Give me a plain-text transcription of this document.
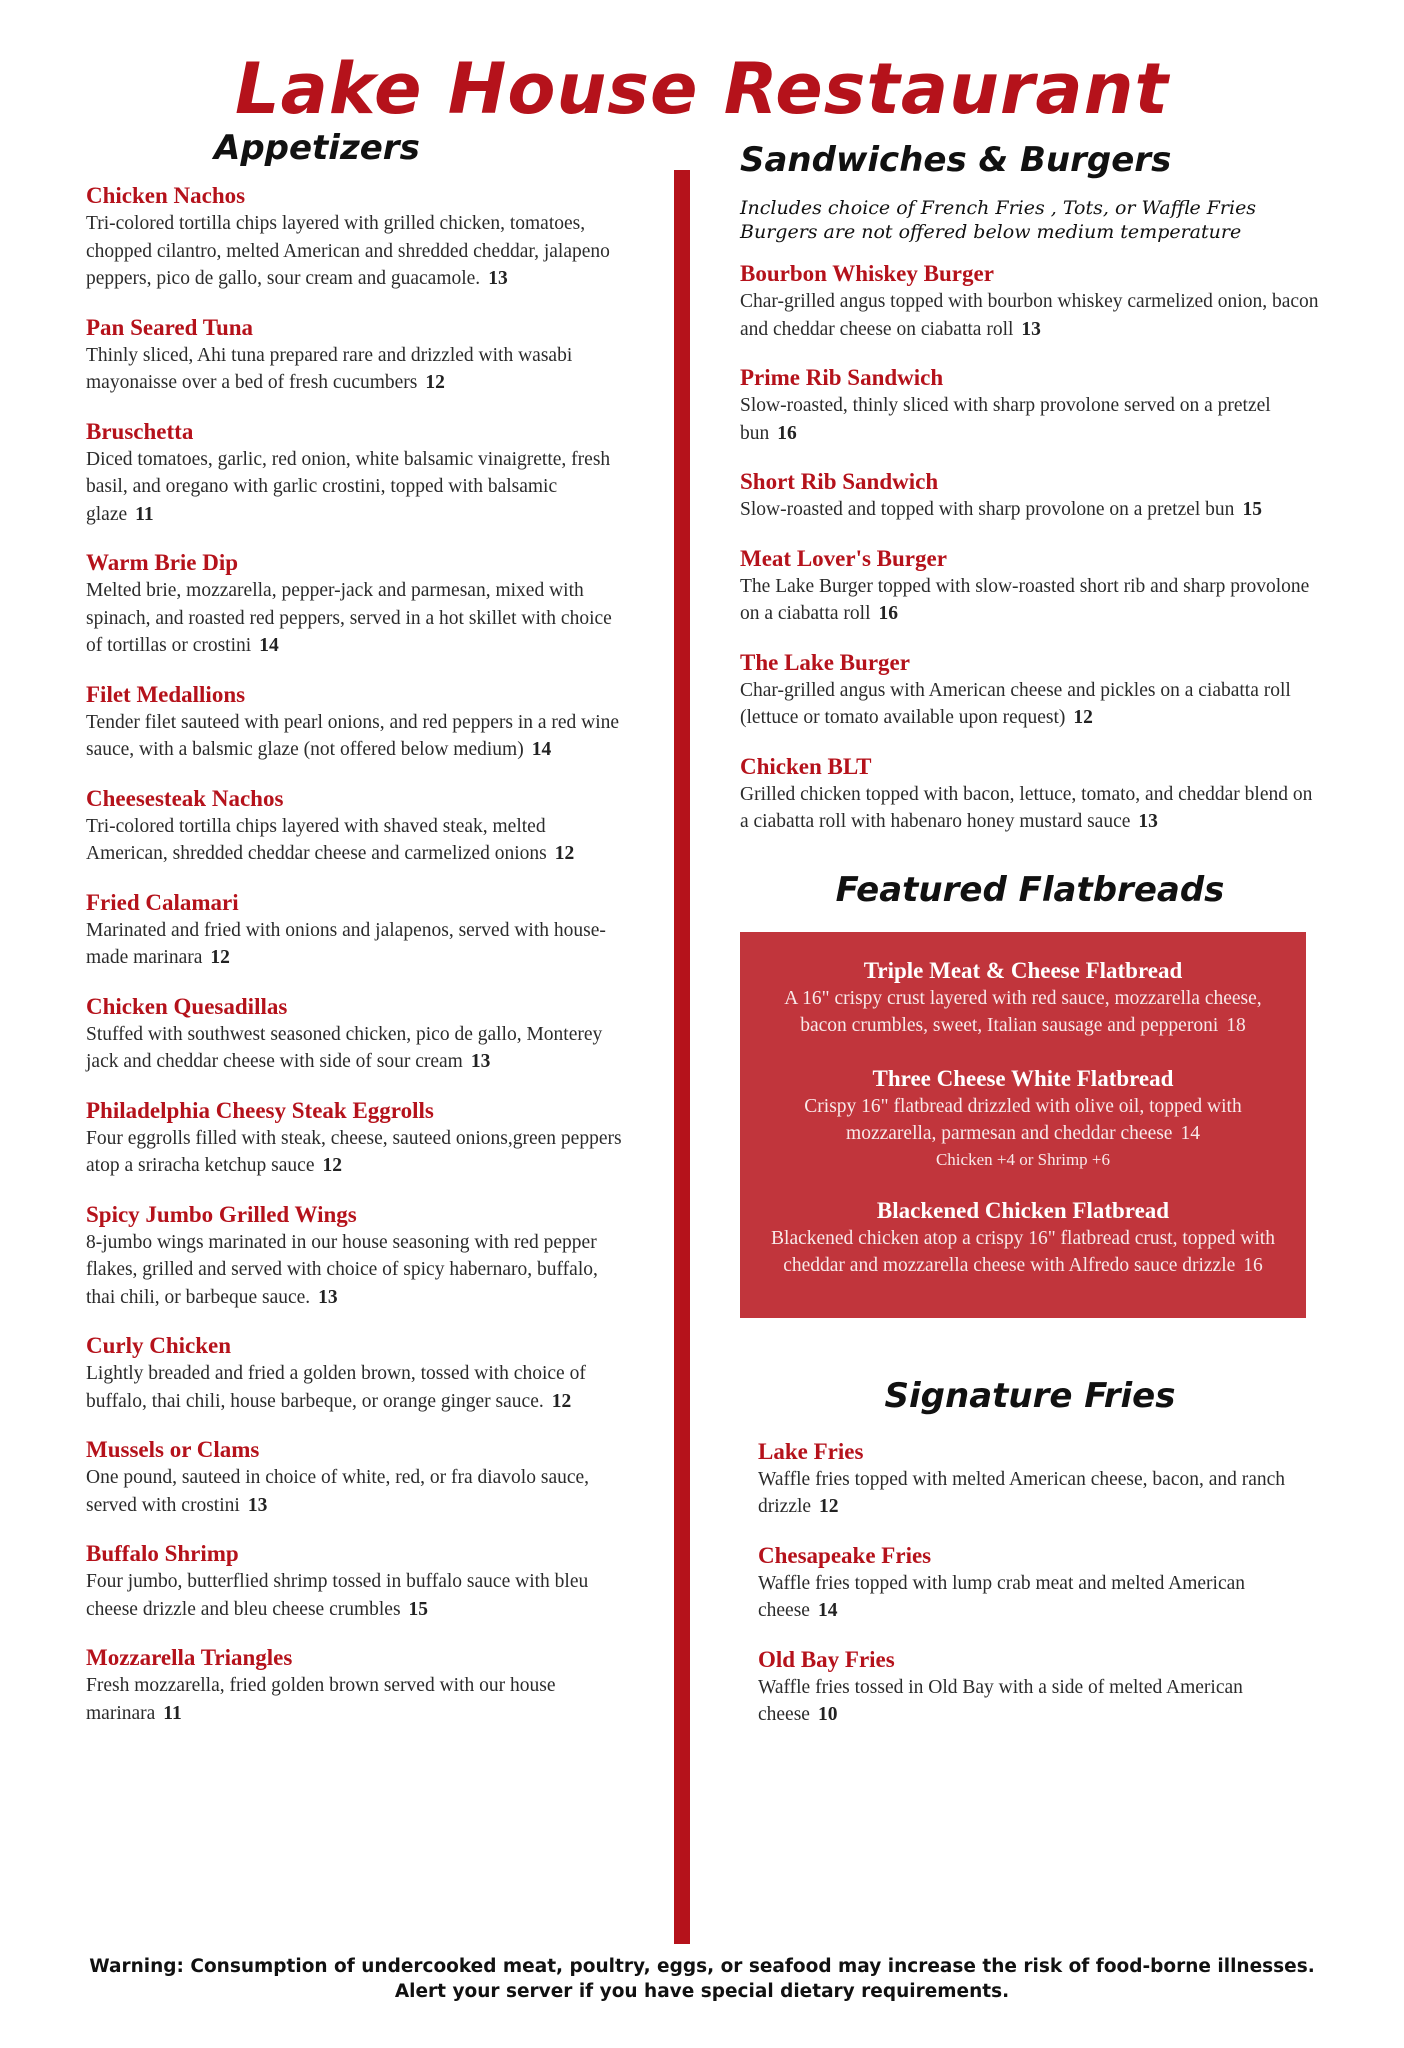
Lake House Restaurant
Appetizers
Chicken Nachos
Tri-colored tortilla chips layered with grilled chicken, tomatoes, chopped cilantro, melted American and shredded cheddar, jalapeno peppers, pico de gallo, sour cream and guacamole. 13
Pan Seared Tuna
Thinly sliced, Ahi tuna prepared rare and drizzled with wasabi mayonaisse over a bed of fresh cucumbers 12
Bruschetta
Diced tomatoes, garlic, red onion, white balsamic vinaigrette, fresh basil, and oregano with garlic crostini, topped with balsamic glaze 11
Warm Brie Dip
Melted brie, mozzarella, pepper-jack and parmesan, mixed with spinach, and roasted red peppers, served in a hot skillet with choice of tortillas or crostini 14
Filet Medallions
Tender filet sauteed with pearl onions, and red peppers in a red wine sauce, with a balsmic glaze (not offered below medium) 14
Cheesesteak Nachos
Tri-colored tortilla chips layered with shaved steak, melted American, shredded cheddar cheese and carmelized onions 12
Fried Calamari
Marinated and fried with onions and jalapenos, served with house-made marinara 12
Chicken Quesadillas
Stuffed with southwest seasoned chicken, pico de gallo, Monterey jack and cheddar cheese with side of sour cream 13
Philadelphia Cheesy Steak Eggrolls
Four eggrolls filled with steak, cheese, sauteed onions,green peppers atop a sriracha ketchup sauce 12
Spicy Jumbo Grilled Wings
8-jumbo wings marinated in our house seasoning with red pepper flakes, grilled and served with choice of spicy habernaro, buffalo, thai chili, or barbeque sauce. 13
Curly Chicken
Lightly breaded and fried a golden brown, tossed with choice of buffalo, thai chili, house barbeque, or orange ginger sauce. 12
Mussels or Clams
One pound, sauteed in choice of white, red, or fra diavolo sauce, served with crostini 13
Buffalo Shrimp
Four jumbo, butterflied shrimp tossed in buffalo sauce with bleu cheese drizzle and bleu cheese crumbles 15
Mozzarella Triangles
Fresh mozzarella, fried golden brown served with our house marinara 11
Sandwiches & Burgers
Includes choice of French Fries , Tots, or Waffle Fries
Burgers are not offered below medium temperature
Bourbon Whiskey Burger
Char-grilled angus topped with bourbon whiskey carmelized onion, bacon and cheddar cheese on ciabatta roll 13
Prime Rib Sandwich
Slow-roasted, thinly sliced with sharp provolone served on a pretzel bun 16
Short Rib Sandwich
Slow-roasted and topped with sharp provolone on a pretzel bun 15
Meat Lover's Burger
The Lake Burger topped with slow-roasted short rib and sharp provolone on a ciabatta roll 16
The Lake Burger
Char-grilled angus with American cheese and pickles on a ciabatta roll (lettuce or tomato available upon request) 12
Chicken BLT
Grilled chicken topped with bacon, lettuce, tomato, and cheddar blend on a ciabatta roll with habenaro honey mustard sauce 13
Featured Flatbreads
Triple Meat & Cheese Flatbread
A 16" crispy crust layered with red sauce, mozzarella cheese, bacon crumbles, sweet, Italian sausage and pepperoni 18
Three Cheese White Flatbread
Crispy 16" flatbread drizzled with olive oil, topped with mozzarella, parmesan and cheddar cheese 14
Chicken +4 or Shrimp +6
Blackened Chicken Flatbread
Blackened chicken atop a crispy 16" flatbread crust, topped with cheddar and mozzarella cheese with Alfredo sauce drizzle 16
Signature Fries
Lake Fries
Waffle fries topped with melted American cheese, bacon, and ranch drizzle 12
Chesapeake Fries
Waffle fries topped with lump crab meat and melted American cheese 14
Old Bay Fries
Waffle fries tossed in Old Bay with a side of melted American cheese 10
Warning: Consumption of undercooked meat, poultry, eggs, or seafood may increase the risk of food-borne illnesses.
Alert your server if you have special dietary requirements.
